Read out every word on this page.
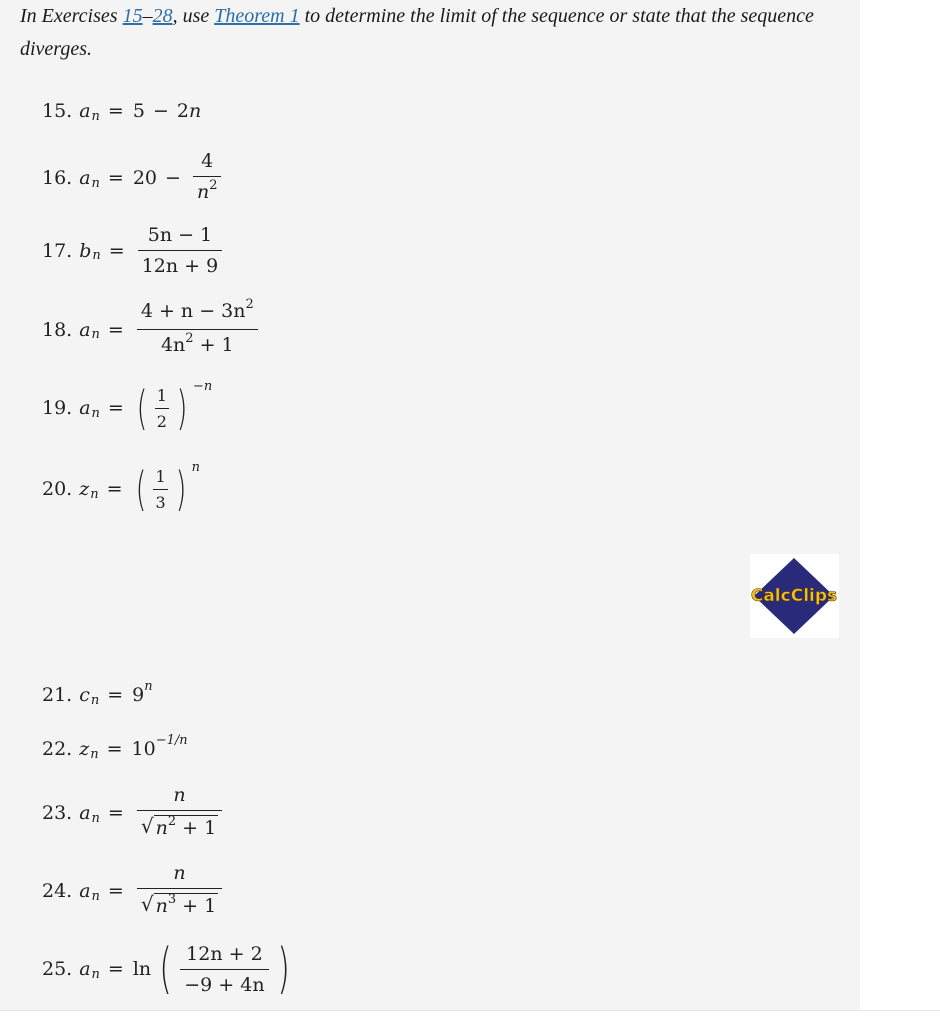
In Exercises 15–28, use Theorem 1 to determine the limit of the sequence or state that the sequence diverges.
15. a n = 5 − 2 n
16. a $n = 20 - \frac{4}{n^2}$
17. b $n = \frac{5n - 1}{12n + 9}$
18. a $n = \frac{4 + n - 3n^2}{4n^2 + 1}$
19. a n = ( $\frac{1}{2}$ ) −n
20. z n = ( $\frac{1}{3}$ ) n
CalcClips
21. c n = 9 n
22. z n = 10 −1/n
23. a $n = \frac{n}{√ n^2 + 1}$
24. a $n = \frac{n}{√ n^3 + 1}$
25. a n = ln ( $\frac{12n + 2}{-9 + 4n}$ )
